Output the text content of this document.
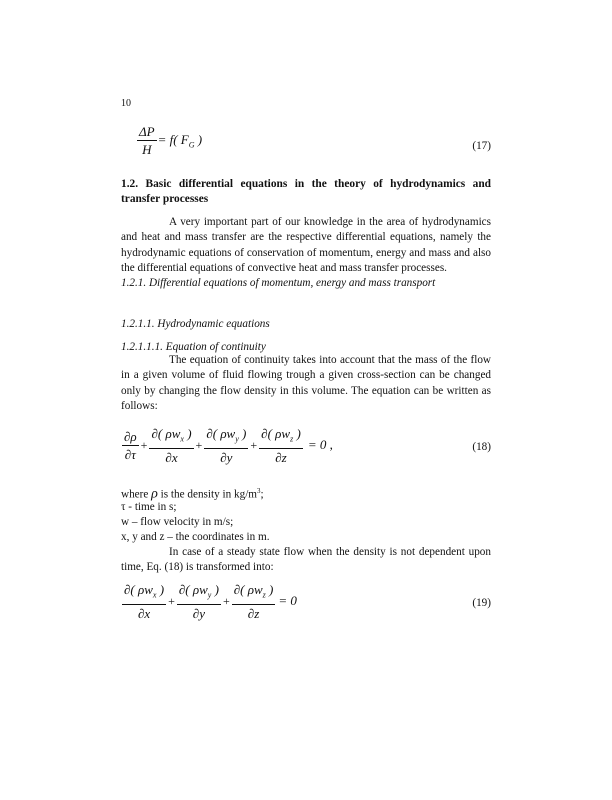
10
$\frac{\Delta P}{H} = f$( $F_G$ )	(17)
1.2. Basic differential equations in the theory of hydrodynamics and transfer processes
A very important part of our knowledge in the area of hydrodynamics and heat and mass transfer are the respective differential equations, namely the hydrodynamic equations of conservation of momentum, energy and mass and also the differential equations of convective heat and mass transfer processes.
1.2.1. Differential equations of momentum, energy and mass transport
1.2.1.1. Hydrodynamic equations
1.2.1.1.1. Equation of continuity
The equation of continuity takes into account that the mass of the flow in a given volume of fluid flowing trough a given cross-section can be changed only by changing the flow density in this volume. The equation can be written as follows:
$\frac{\partial\rho}{\partial\tau} + \frac{\partial( \rho w_x )}{\partial x} + \frac{\partial( \rho w_y )}{\partial y} + \frac{\partial( \rho w_z )}{\partial z} = 0$ ,	(18)
where ρ is the density in $kg/m^3$;
τ - time in s;
w – flow velocity in m/s;
x, y and z – the coordinates in m.
In case of a steady state flow when the density is not dependent upon time, Eq. (18) is transformed into:
$\frac{\partial( \rho w_x )}{\partial x} + \frac{\partial( \rho w_y )}{\partial y} + \frac{\partial( \rho w_z )}{\partial z} = 0$	(19)
